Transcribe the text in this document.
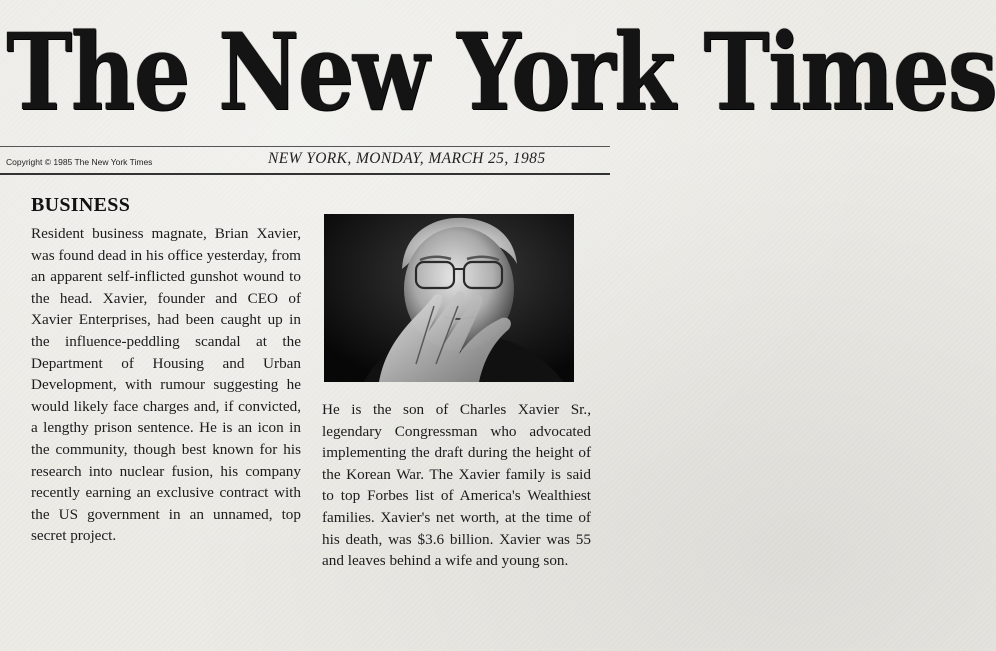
The New York Times
Copyright © 1985 The New York Times	NEW YORK, MONDAY, MARCH 25, 1985
BUSINESS
Resident business magnate, Brian Xavier, was found dead in his office yesterday, from an apparent self-inflicted gunshot wound to the head. Xavier, founder and CEO of Xavier Enterprises, had been caught up in the influence-peddling scandal at the Department of Housing and Urban Development, with rumour suggesting he would likely face charges and, if convicted, a lengthy prison sentence. He is an icon in the community, though best known for his research into nuclear fusion, his company recently earning an exclusive contract with the US government in an unnamed, top secret project.
He is the son of Charles Xavier Sr., legendary Congressman who advocated implementing the draft during the height of the Korean War. The Xavier family is said to top Forbes list of America's Wealthiest families. Xavier's net worth, at the time of his death, was $3.6 billion. Xavier was 55 and leaves behind a wife and young son.
